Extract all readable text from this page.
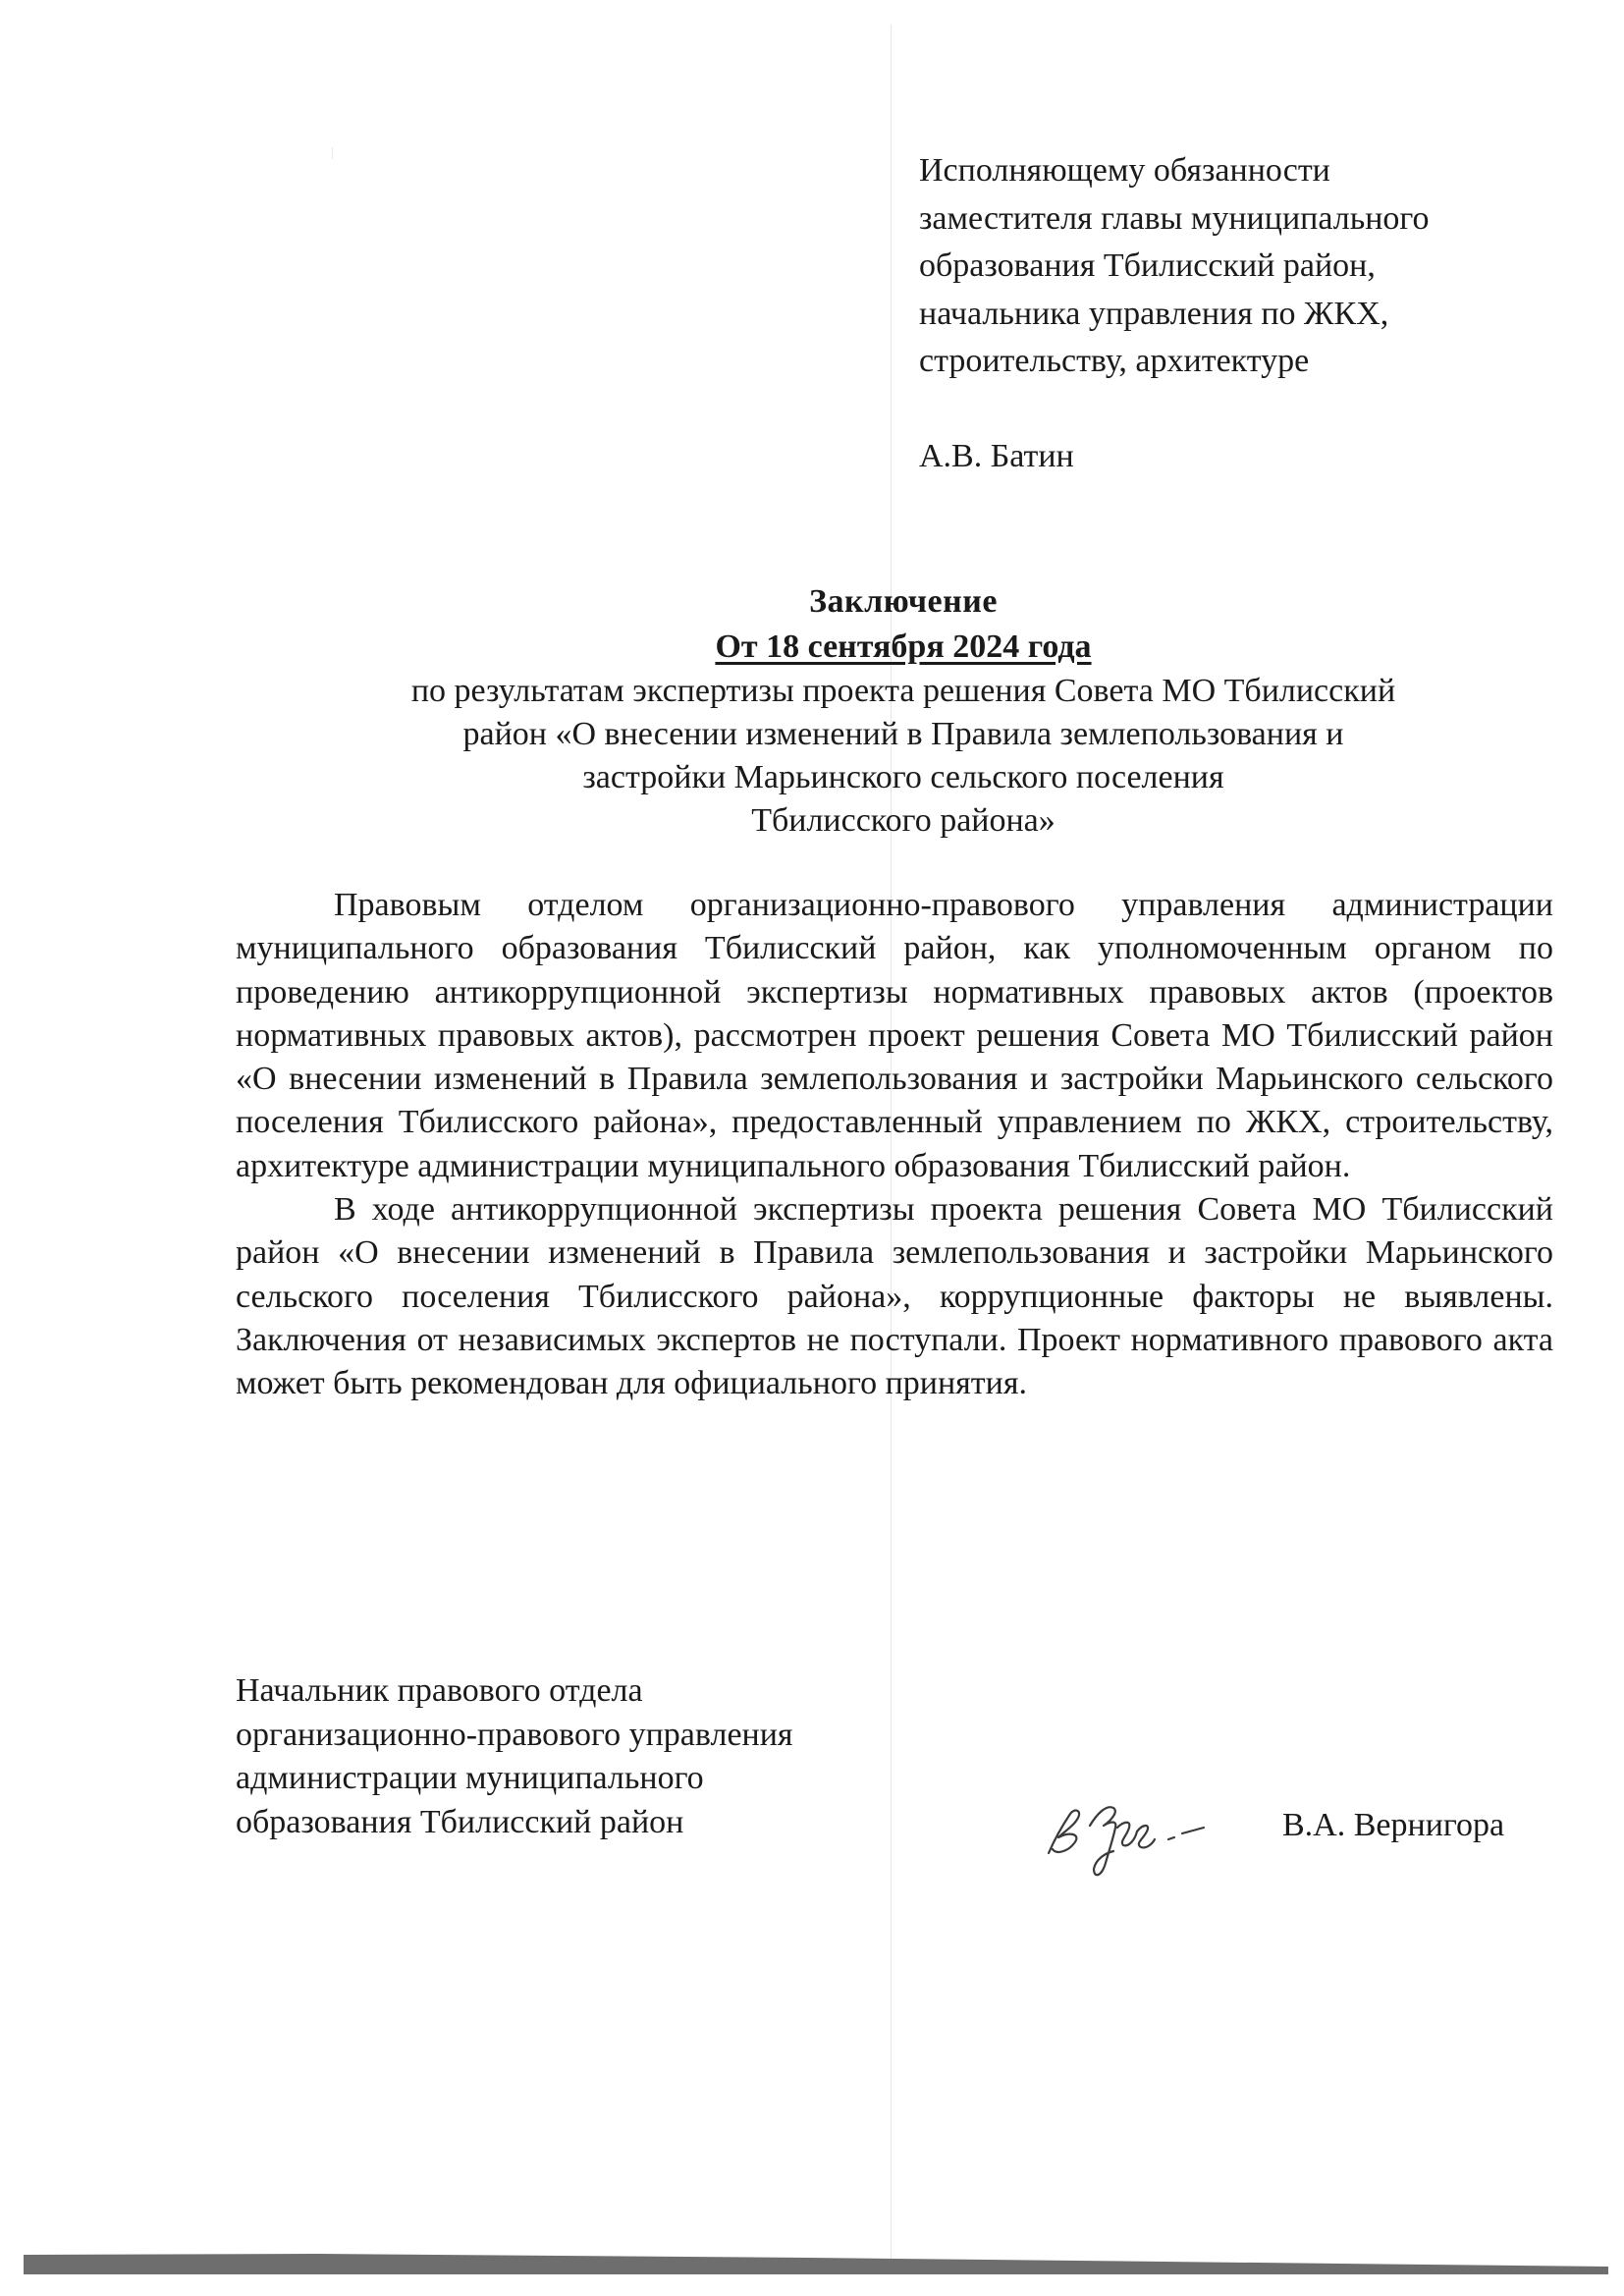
Исполняющему обязанности
заместителя главы муниципального
образования Тбилисский район,
начальника управления по ЖКХ,
строительству, архитектуре
А.В. Батин
Заключение
От 18 сентября 2024 года
по результатам экспертизы проекта решения Совета МО Тбилисский
район «О внесении изменений в Правила землепользования и
застройки Марьинского сельского поселения
Тбилисского района»

Правовым отделом организационно-правового управления администрации муниципального образования Тбилисский район, как уполномоченным органом по проведению антикоррупционной экспертизы нормативных правовых актов (проектов нормативных правовых актов), рассмотрен проект решения Совета МО Тбилисский район «О внесении изменений в Правила землепользования и застройки Марьинского сельского поселения Тбилисского района», предоставленный управлением по ЖКХ, строительству, архитектуре администрации муниципального образования Тбилисский район.

В ходе антикоррупционной экспертизы проекта решения Совета МО Тбилисский район «О внесении изменений в Правила землепользования и застройки Марьинского сельского поселения Тбилисского района», коррупционные факторы не выявлены. Заключения от независимых экспертов не поступали. Проект нормативного правового акта может быть рекомендован для официального принятия.

Начальник правового отдела
организационно-правового управления
администрации муниципального
образования Тбилисский район	В.А. Вернигора
